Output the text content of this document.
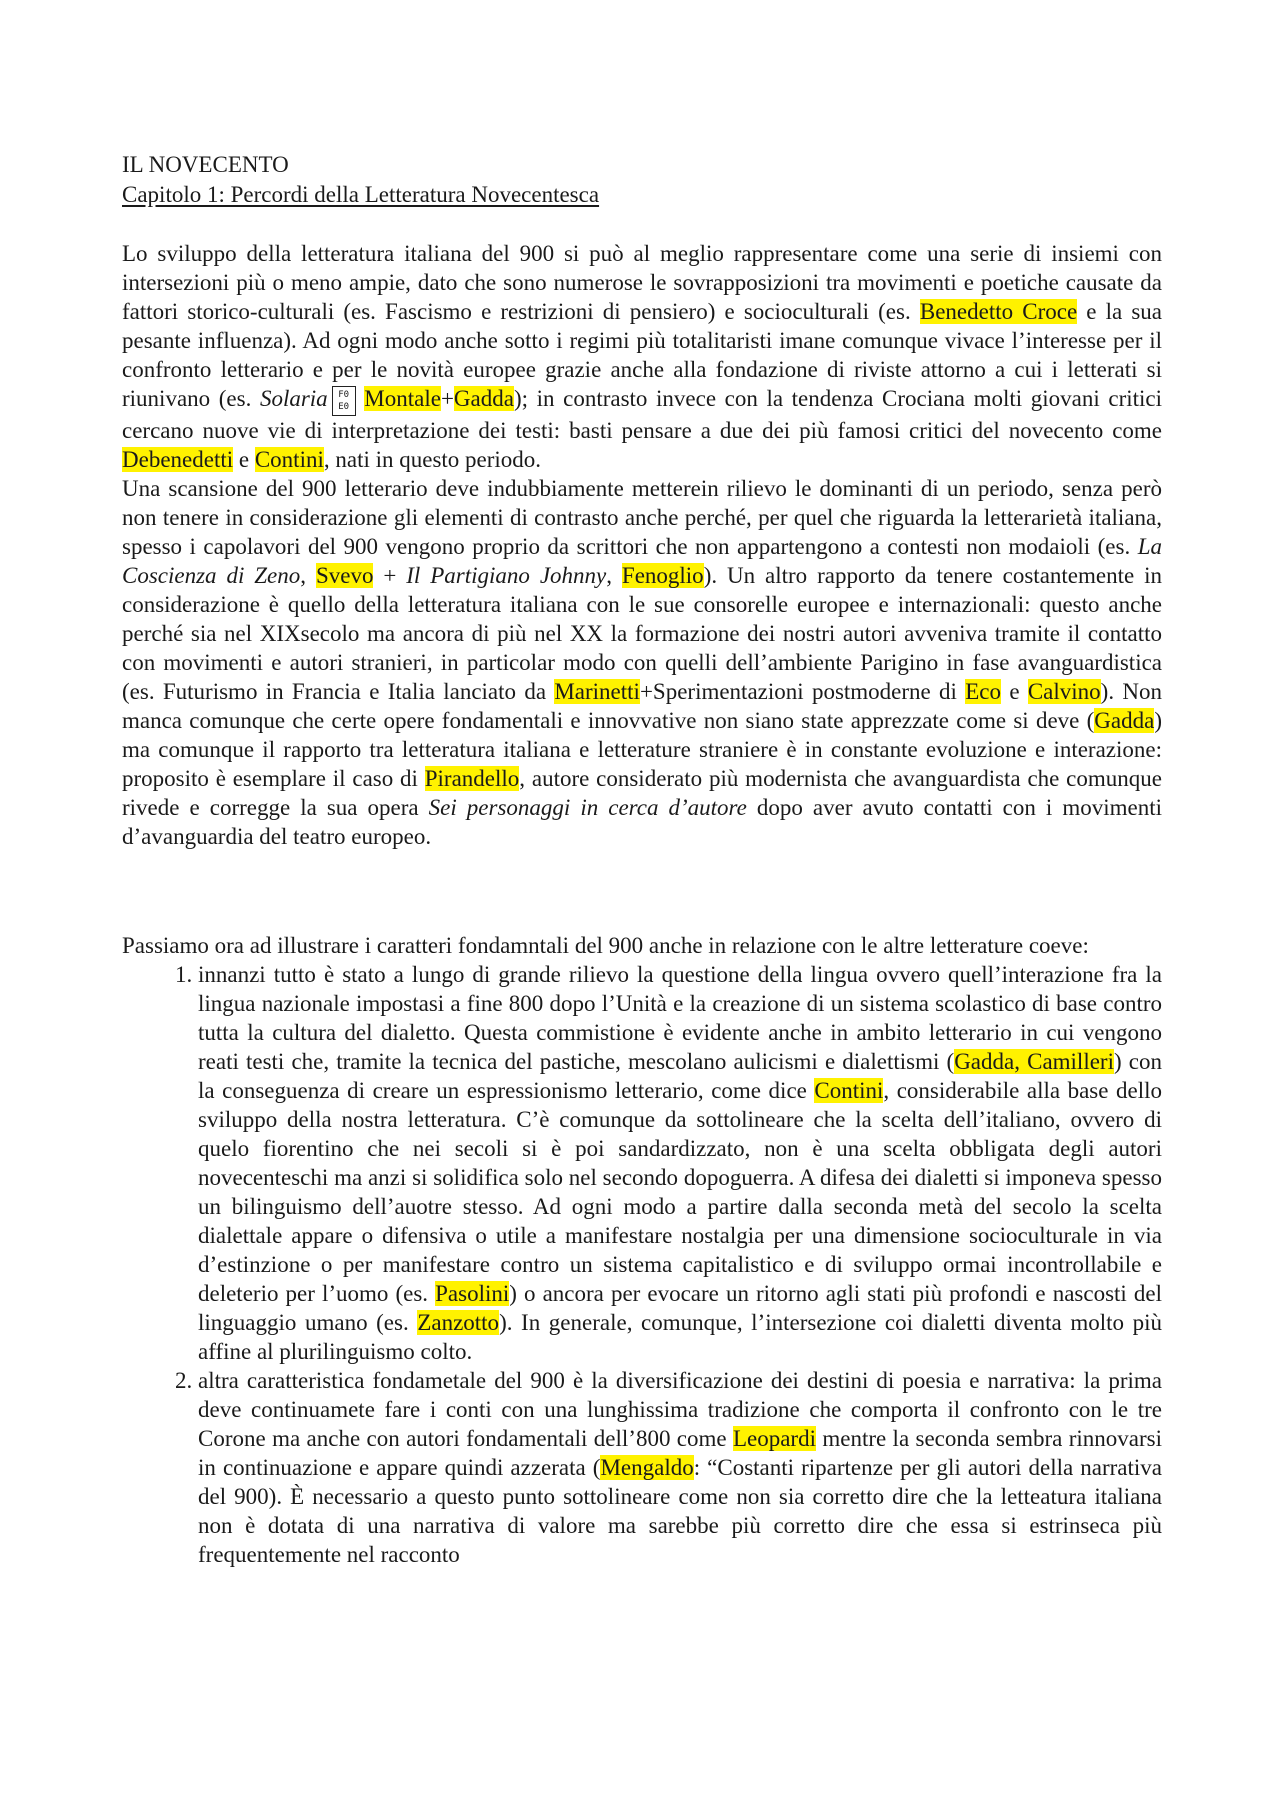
IL NOVECENTO
Capitolo 1: Percordi della Letteratura Novecentesca

Lo sviluppo della letteratura italiana del 900 si può al meglio rappresentare come una serie di insiemi con intersezioni più o meno ampie, dato che sono numerose le sovrapposizioni tra movimenti e poetiche causate da fattori storico-culturali (es. Fascismo e restrizioni di pensiero) e socioculturali (es. Benedetto Croce e la sua pesante influenza). Ad ogni modo anche sotto i regimi più totalitaristi imane comunque vivace l’interesse per il confronto letterario e per le novità europee grazie anche alla fondazione di riviste attorno a cui i letterati si riunivano (es. Solaria F0 E0 Montale+Gadda); in contrasto invece con la tendenza Crociana molti giovani critici cercano nuove vie di interpretazione dei testi: basti pensare a due dei più famosi critici del novecento come Debenedetti e Contini, nati in questo periodo.

Una scansione del 900 letterario deve indubbiamente metterein rilievo le dominanti di un periodo, senza però non tenere in considerazione gli elementi di contrasto anche perché, per quel che riguarda la letterarietà italiana, spesso i capolavori del 900 vengono proprio da scrittori che non appartengono a contesti non modaioli (es. La Coscienza di Zeno, Svevo + Il Partigiano Johnny, Fenoglio). Un altro rapporto da tenere costantemente in considerazione è quello della letteratura italiana con le sue consorelle europee e internazionali: questo anche perché sia nel XIXsecolo ma ancora di più nel XX la formazione dei nostri autori avveniva tramite il contatto con movimenti e autori stranieri, in particolar modo con quelli dell’ambiente Parigino in fase avanguardistica (es. Futurismo in Francia e Italia lanciato da Marinetti+Sperimentazioni postmoderne di Eco e Calvino). Non manca comunque che certe opere fondamentali e innovvative non siano state apprezzate come si deve (Gadda) ma comunque il rapporto tra letteratura italiana e letterature straniere è in constante evoluzione e interazione: proposito è esemplare il caso di Pirandello, autore considerato più modernista che avanguardista che comunque rivede e corregge la sua opera Sei personaggi in cerca d’autore dopo aver avuto contatti con i movimenti d’avanguardia del teatro europeo.

Passiamo ora ad illustrare i caratteri fondamntali del 900 anche in relazione con le altre letterature coeve:

1. innanzi tutto è stato a lungo di grande rilievo la questione della lingua ovvero quell’interazione fra la lingua nazionale impostasi a fine 800 dopo l’Unità e la creazione di un sistema scolastico di base contro tutta la cultura del dialetto. Questa commistione è evidente anche in ambito letterario in cui vengono reati testi che, tramite la tecnica del pastiche, mescolano aulicismi e dialettismi (Gadda, Camilleri) con la conseguenza di creare un espressionismo letterario, come dice Contini, considerabile alla base dello sviluppo della nostra letteratura. C’è comunque da sottolineare che la scelta dell’italiano, ovvero di quelo fiorentino che nei secoli si è poi sandardizzato, non è una scelta obbligata degli autori novecenteschi ma anzi si solidifica solo nel secondo dopoguerra. A difesa dei dialetti si imponeva spesso un bilinguismo dell’auotre stesso. Ad ogni modo a partire dalla seconda metà del secolo la scelta dialettale appare o difensiva o utile a manifestare nostalgia per una dimensione socioculturale in via d’estinzione o per manifestare contro un sistema capitalistico e di sviluppo ormai incontrollabile e deleterio per l’uomo (es. Pasolini) o ancora per evocare un ritorno agli stati più profondi e nascosti del linguaggio umano (es. Zanzotto). In generale, comunque, l’intersezione coi dialetti diventa molto più affine al plurilinguismo colto.
2. altra caratteristica fondametale del 900 è la diversificazione dei destini di poesia e narrativa: la prima deve continuamete fare i conti con una lunghissima tradizione che comporta il confronto con le tre Corone ma anche con autori fondamentali dell’800 come Leopardi mentre la seconda sembra rinnovarsi in continuazione e appare quindi azzerata (Mengaldo: “Costanti ripartenze per gli autori della narrativa del 900). È necessario a questo punto sottolineare come non sia corretto dire che la letteatura italiana non è dotata di una narrativa di valore ma sarebbe più corretto dire che essa si estrinseca più frequentemente nel racconto
